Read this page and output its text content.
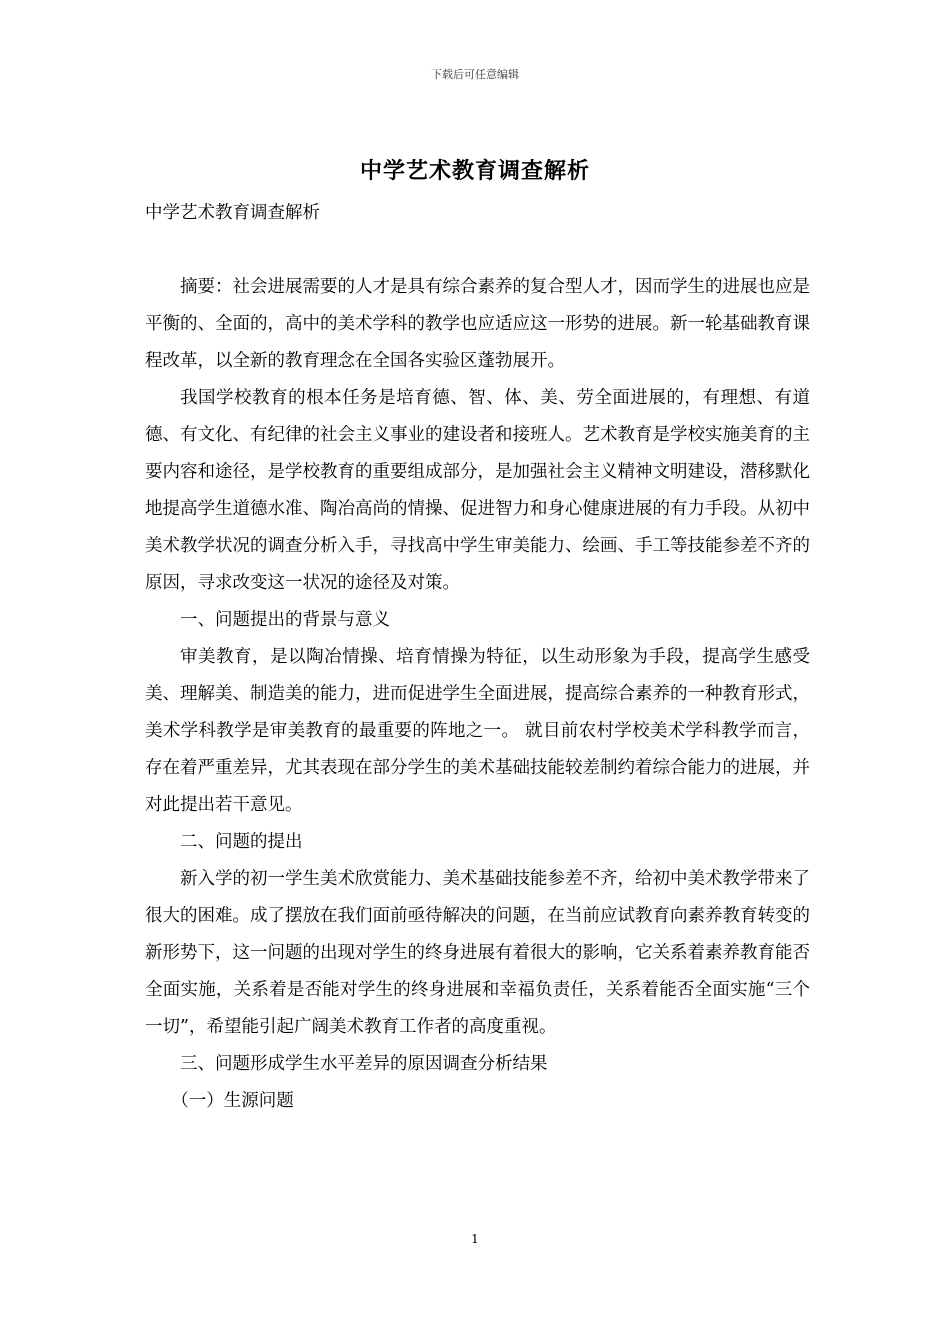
下载后可任意编辑
中学艺术教育调查解析

中学艺术教育调查解析

摘要：社会进展需要的人才是具有综合素养的复合型人才，因而学生的进展也应是平衡的、全面的，高中的美术学科的教学也应适应这一形势的进展。新一轮基础教育课程改革，以全新的教育理念在全国各实验区蓬勃展开。

我国学校教育的根本任务是培育德、智、体、美、劳全面进展的，有理想、有道德、有文化、有纪律的社会主义事业的建设者和接班人。艺术教育是学校实施美育的主要内容和途径，是学校教育的重要组成部分，是加强社会主义精神文明建设，潜移默化地提高学生道德水准、陶冶高尚的情操、促进智力和身心健康进展的有力手段。从初中美术教学状况的调查分析入手，寻找高中学生审美能力、绘画、手工等技能参差不齐的原因，寻求改变这一状况的途径及对策。

一、问题提出的背景与意义

审美教育，是以陶冶情操、培育情操为特征，以生动形象为手段，提高学生感受美、理解美、制造美的能力，进而促进学生全面进展，提高综合素养的一种教育形式，美术学科教学是审美教育的最重要的阵地之一。 就目前农村学校美术学科教学而言，存在着严重差异，尤其表现在部分学生的美术基础技能较差制约着综合能力的进展，并对此提出若干意见。

二、问题的提出

新入学的初一学生美术欣赏能力、美术基础技能参差不齐，给初中美术教学带来了很大的困难。成了摆放在我们面前亟待解决的问题，在当前应试教育向素养教育转变的新形势下，这一问题的出现对学生的终身进展有着很大的影响，它关系着素养教育能否全面实施，关系着是否能对学生的终身进展和幸福负责任，关系着能否全面实施“三个一切”，希望能引起广阔美术教育工作者的高度重视。

三、问题形成学生水平差异的原因调查分析结果

（一）生源问题

1
